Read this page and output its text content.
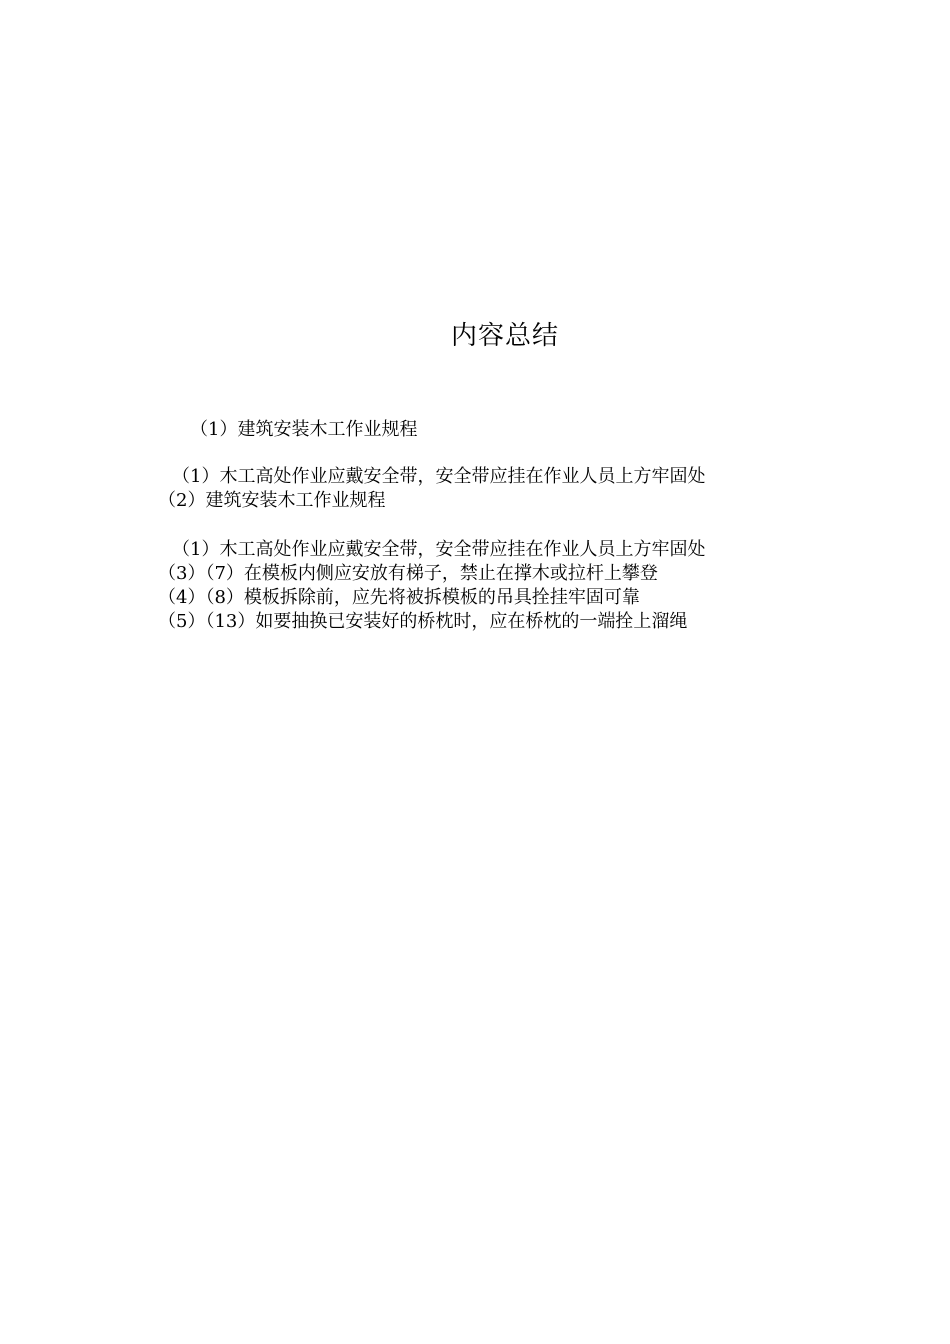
内容总结
（1）建筑安装木工作业规程
（1）木工高处作业应戴安全带，安全带应挂在作业人员上方牢固处
（2）建筑安装木工作业规程
（1）木工高处作业应戴安全带，安全带应挂在作业人员上方牢固处
（3）（7）在模板内侧应安放有梯子，禁止在撑木或拉杆上攀登
（4）（8）模板拆除前，应先将被拆模板的吊具拴挂牢固可靠
（5）（13）如要抽换已安装好的桥枕时，应在桥枕的一端拴上溜绳
